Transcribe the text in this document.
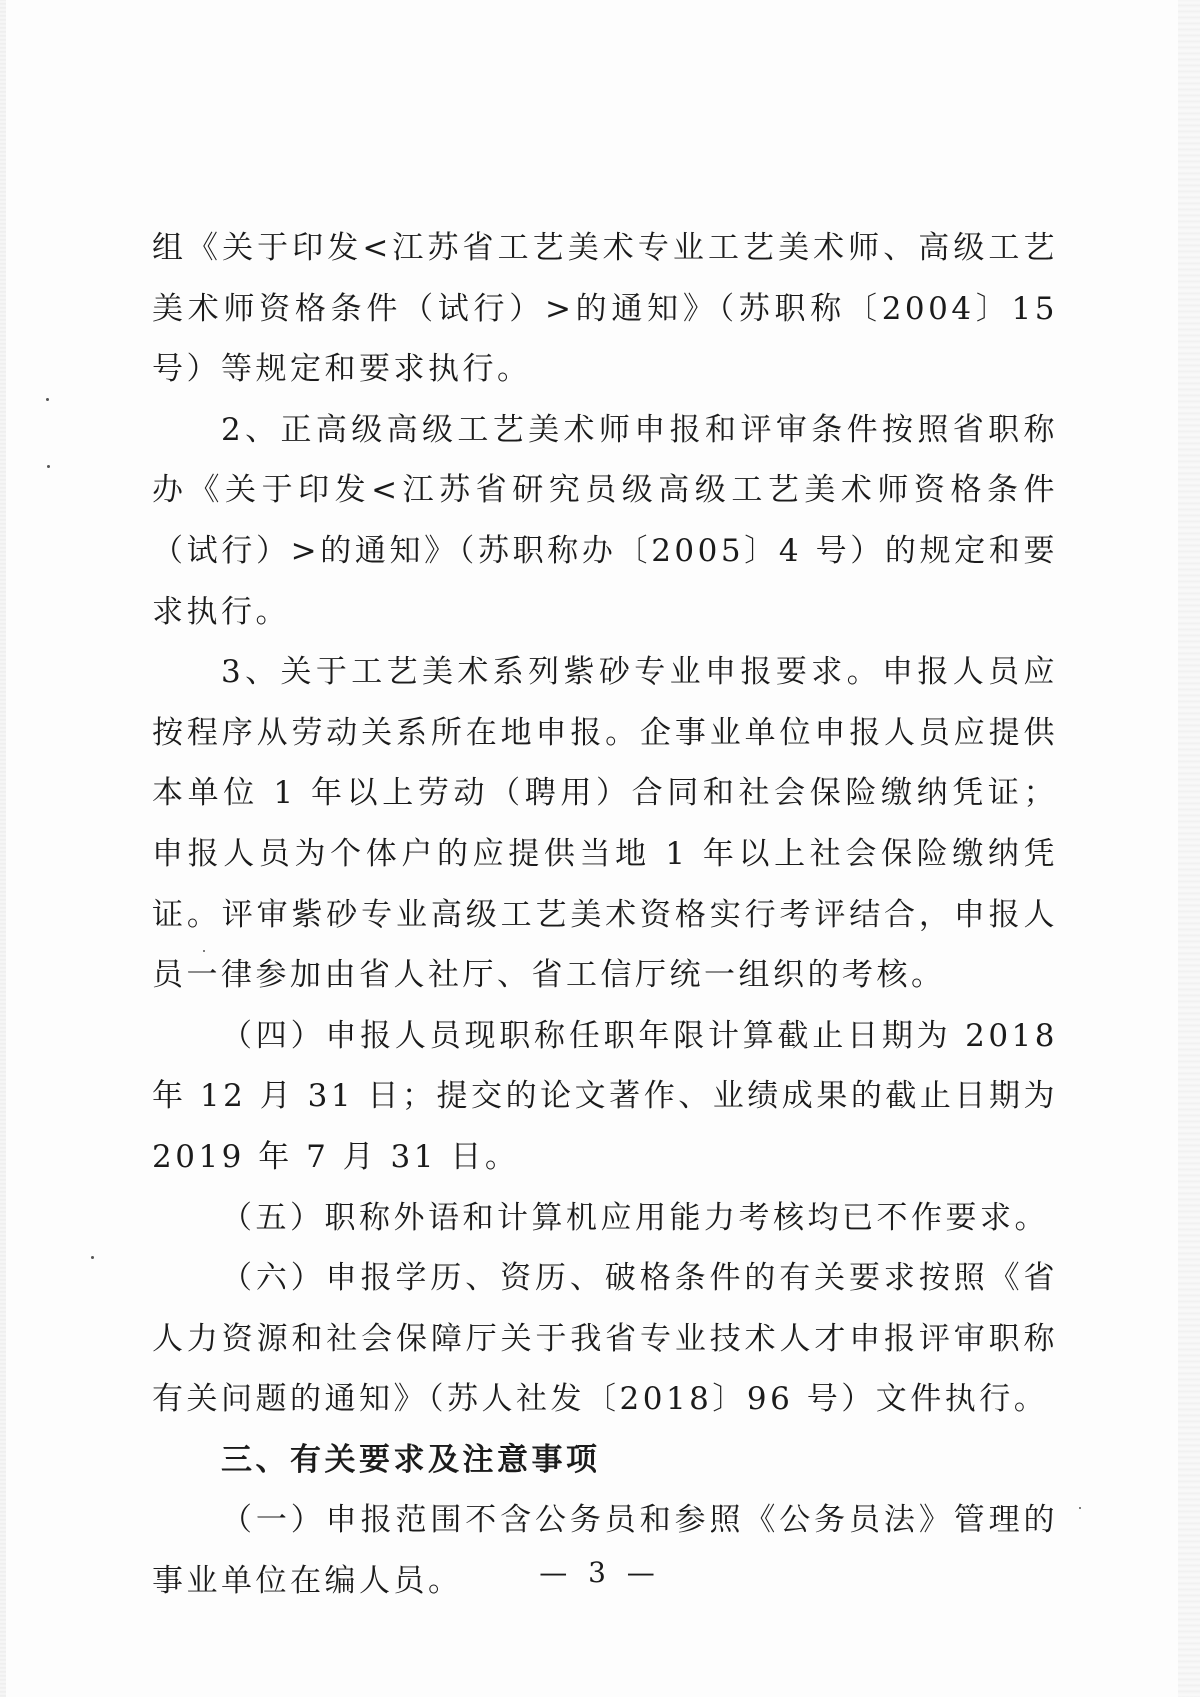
组《关于印发<江苏省工艺美术专业工艺美术师、高级工艺美术师资格条件（试行）>的通知》（苏职称〔2004〕15 号）等规定和要求执行。

2、正高级高级工艺美术师申报和评审条件按照省职称办《关于印发<江苏省研究员级高级工艺美术师资格条件（试行）>的通知》（苏职称办〔2005〕4 号）的规定和要求执行。

3、关于工艺美术系列紫砂专业申报要求。申报人员应按程序从劳动关系所在地申报。企事业单位申报人员应提供本单位 1 年以上劳动（聘用）合同和社会保险缴纳凭证；申报人员为个体户的应提供当地 1 年以上社会保险缴纳凭证。评审紫砂专业高级工艺美术资格实行考评结合，申报人员一律参加由省人社厅、省工信厅统一组织的考核。

（四）申报人员现职称任职年限计算截止日期为 2018 年 12 月 31 日；提交的论文著作、业绩成果的截止日期为 2019 年 7 月 31 日。

（五）职称外语和计算机应用能力考核均已不作要求。

（六）申报学历、资历、破格条件的有关要求按照《省人力资源和社会保障厅关于我省专业技术人才申报评审职称有关问题的通知》（苏人社发〔2018〕96 号）文件执行。

三、有关要求及注意事项

（一）申报范围不含公务员和参照《公务员法》管理的事业单位在编人员。	— 3 —
